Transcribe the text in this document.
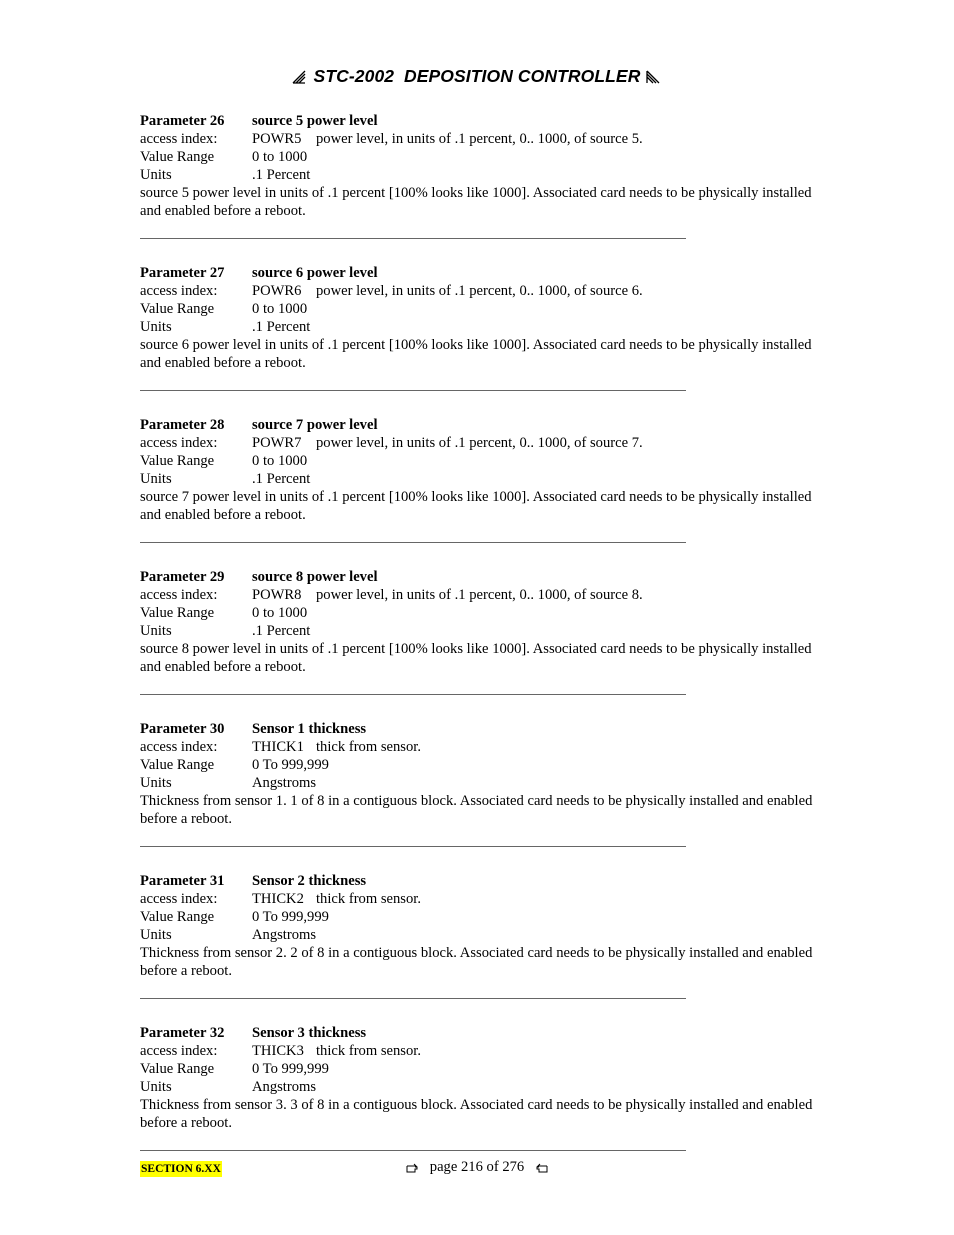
STC-2002  DEPOSITION CONTROLLER
Parameter 26	source 5 power level
access index:	POWR5 power level, in units of .1 percent, 0.. 1000, of source 5.
Value Range	0 to 1000
Units	.1 Percent

source 5 power level in units of .1 percent [100% looks like 1000]. Associated card needs to be physically installed and enabled before a reboot.

Parameter 27	source 6 power level
access index:	POWR6 power level, in units of .1 percent, 0.. 1000, of source 6.
Value Range	0 to 1000
Units	.1 Percent

source 6 power level in units of .1 percent [100% looks like 1000]. Associated card needs to be physically installed and enabled before a reboot.

Parameter 28	source 7 power level
access index:	POWR7 power level, in units of .1 percent, 0.. 1000, of source 7.
Value Range	0 to 1000
Units	.1 Percent

source 7 power level in units of .1 percent [100% looks like 1000]. Associated card needs to be physically installed and enabled before a reboot.

Parameter 29	source 8 power level
access index:	POWR8 power level, in units of .1 percent, 0.. 1000, of source 8.
Value Range	0 to 1000
Units	.1 Percent

source 8 power level in units of .1 percent [100% looks like 1000]. Associated card needs to be physically installed and enabled before a reboot.

Parameter 30	Sensor 1 thickness
access index:	THICK1 thick from sensor.
Value Range	0 To 999,999
Units	Angstroms

Thickness from sensor 1. 1 of 8 in a contiguous block. Associated card needs to be physically installed and enabled before a reboot.

Parameter 31	Sensor 2 thickness
access index:	THICK2 thick from sensor.
Value Range	0 To 999,999
Units	Angstroms

Thickness from sensor 2. 2 of 8 in a contiguous block. Associated card needs to be physically installed and enabled before a reboot.

Parameter 32	Sensor 3 thickness
access index:	THICK3 thick from sensor.
Value Range	0 To 999,999
Units	Angstroms

Thickness from sensor 3. 3 of 8 in a contiguous block. Associated card needs to be physically installed and enabled before a reboot.

SECTION 6.XX	page 216 of 276
